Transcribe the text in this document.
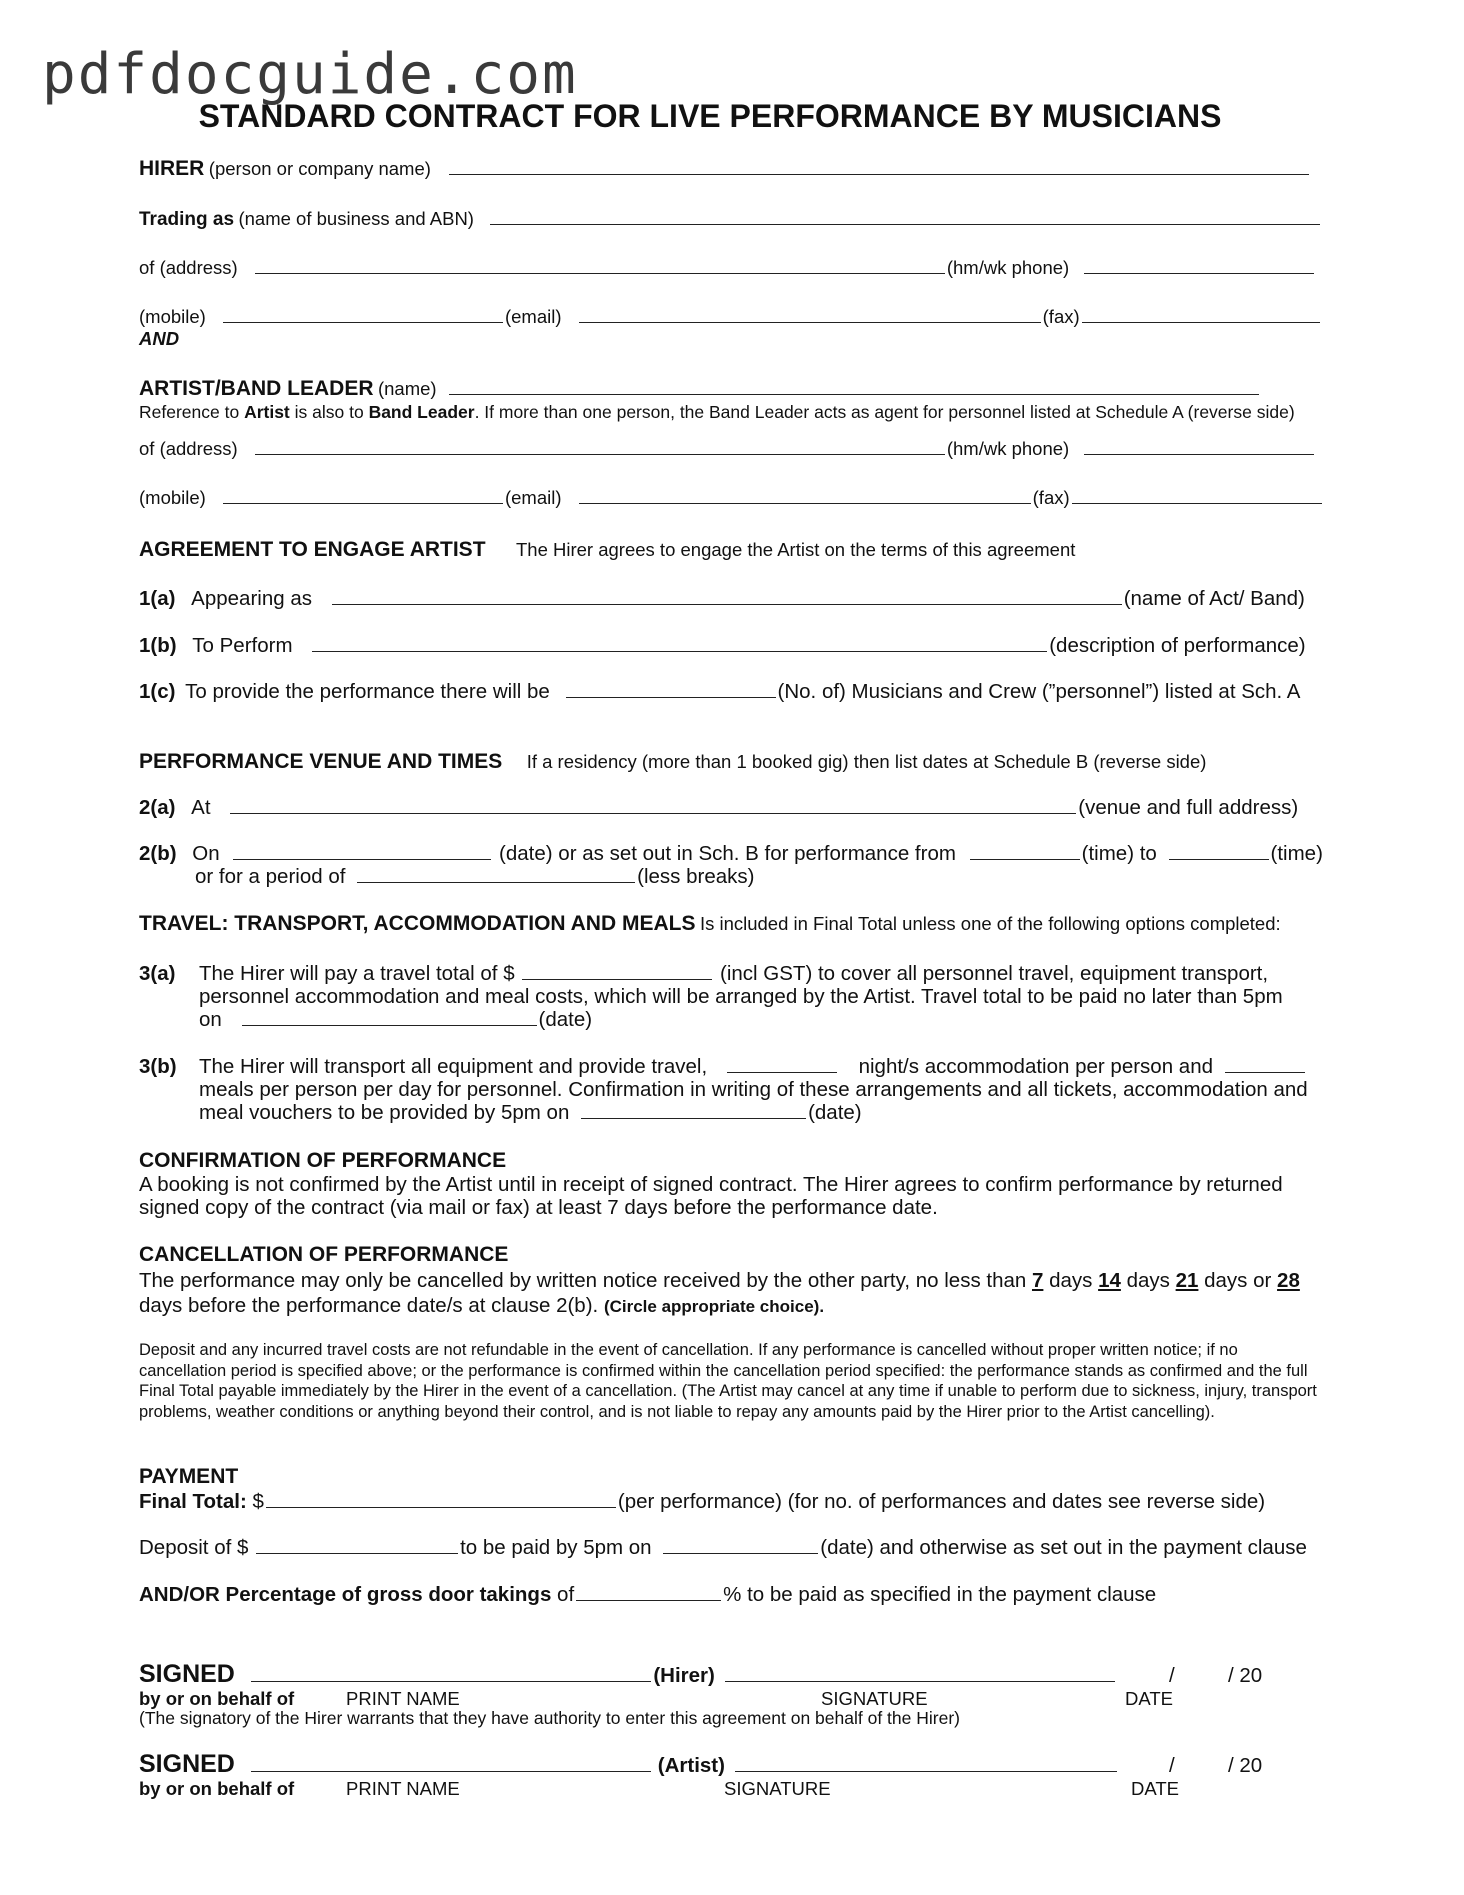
pdfdocguide.com
STANDARD CONTRACT FOR LIVE PERFORMANCE BY MUSICIANS
HIRER (person or company name)
Trading as (name of business and ABN)
of (address)	(hm/wk phone)
(mobile)	(email)	(fax)
AND
ARTIST/BAND LEADER (name)
Reference to Artist is also to Band Leader. If more than one person, the Band Leader acts as agent for personnel listed at Schedule A (reverse side)
of (address)	(hm/wk phone)
(mobile)	(email)	(fax)
AGREEMENT TO ENGAGE ARTIST The Hirer agrees to engage the Artist on the terms of this agreement
1(a) Appearing as	(name of Act/ Band)
1(b) To Perform	(description of performance)
1(c) To provide the performance there will be	(No. of) Musicians and Crew (”personnel”) listed at Sch. A
PERFORMANCE VENUE AND TIMES If a residency (more than 1 booked gig) then list dates at Schedule B (reverse side)
2(a) At	(venue and full address)
2(b) On	(date) or as set out in Sch. B for performance from	(time) to	(time)
or for a period of	(less breaks)
TRAVEL: TRANSPORT, ACCOMMODATION AND MEALS Is included in Final Total unless one of the following options completed:
3(a) The Hirer will pay a travel total of $	(incl GST) to cover all personnel travel, equipment transport,
personnel accommodation and meal costs, which will be arranged by the Artist. Travel total to be paid no later than 5pm
on	(date)
3(b) The Hirer will transport all equipment and provide travel,	night/s accommodation per person and
meals per person per day for personnel. Confirmation in writing of these arrangements and all tickets, accommodation and
meal vouchers to be provided by 5pm on	(date)
CONFIRMATION OF PERFORMANCE
A booking is not confirmed by the Artist until in receipt of signed contract. The Hirer agrees to confirm performance by returned signed copy of the contract (via mail or fax) at least 7 days before the performance date.
CANCELLATION OF PERFORMANCE
The performance may only be cancelled by written notice received by the other party, no less than 7 days 14 days 21 days or 28
days before the performance date/s at clause 2(b). (Circle appropriate choice).
Deposit and any incurred travel costs are not refundable in the event of cancellation. If any performance is cancelled without proper written notice; if no cancellation period is specified above; or the performance is confirmed within the cancellation period specified: the performance stands as confirmed and the full Final Total payable immediately by the Hirer in the event of a cancellation. (The Artist may cancel at any time if unable to perform due to sickness, injury, transport problems, weather conditions or anything beyond their control, and is not liable to repay any amounts paid by the Hirer prior to the Artist cancelling).
PAYMENT
Final Total: $	(per performance) (for no. of performances and dates see reverse side)
Deposit of $	to be paid by 5pm on	(date) and otherwise as set out in the payment clause
AND/OR Percentage of gross door takings of	% to be paid as specified in the payment clause
SIGNED	(Hirer)	/	/ 20
by or on behalf of	PRINT NAME	SIGNATURE	DATE
(The signatory of the Hirer warrants that they have authority to enter this agreement on behalf of the Hirer)
SIGNED	(Artist)	/	/ 20
by or on behalf of	PRINT NAME	SIGNATURE	DATE
